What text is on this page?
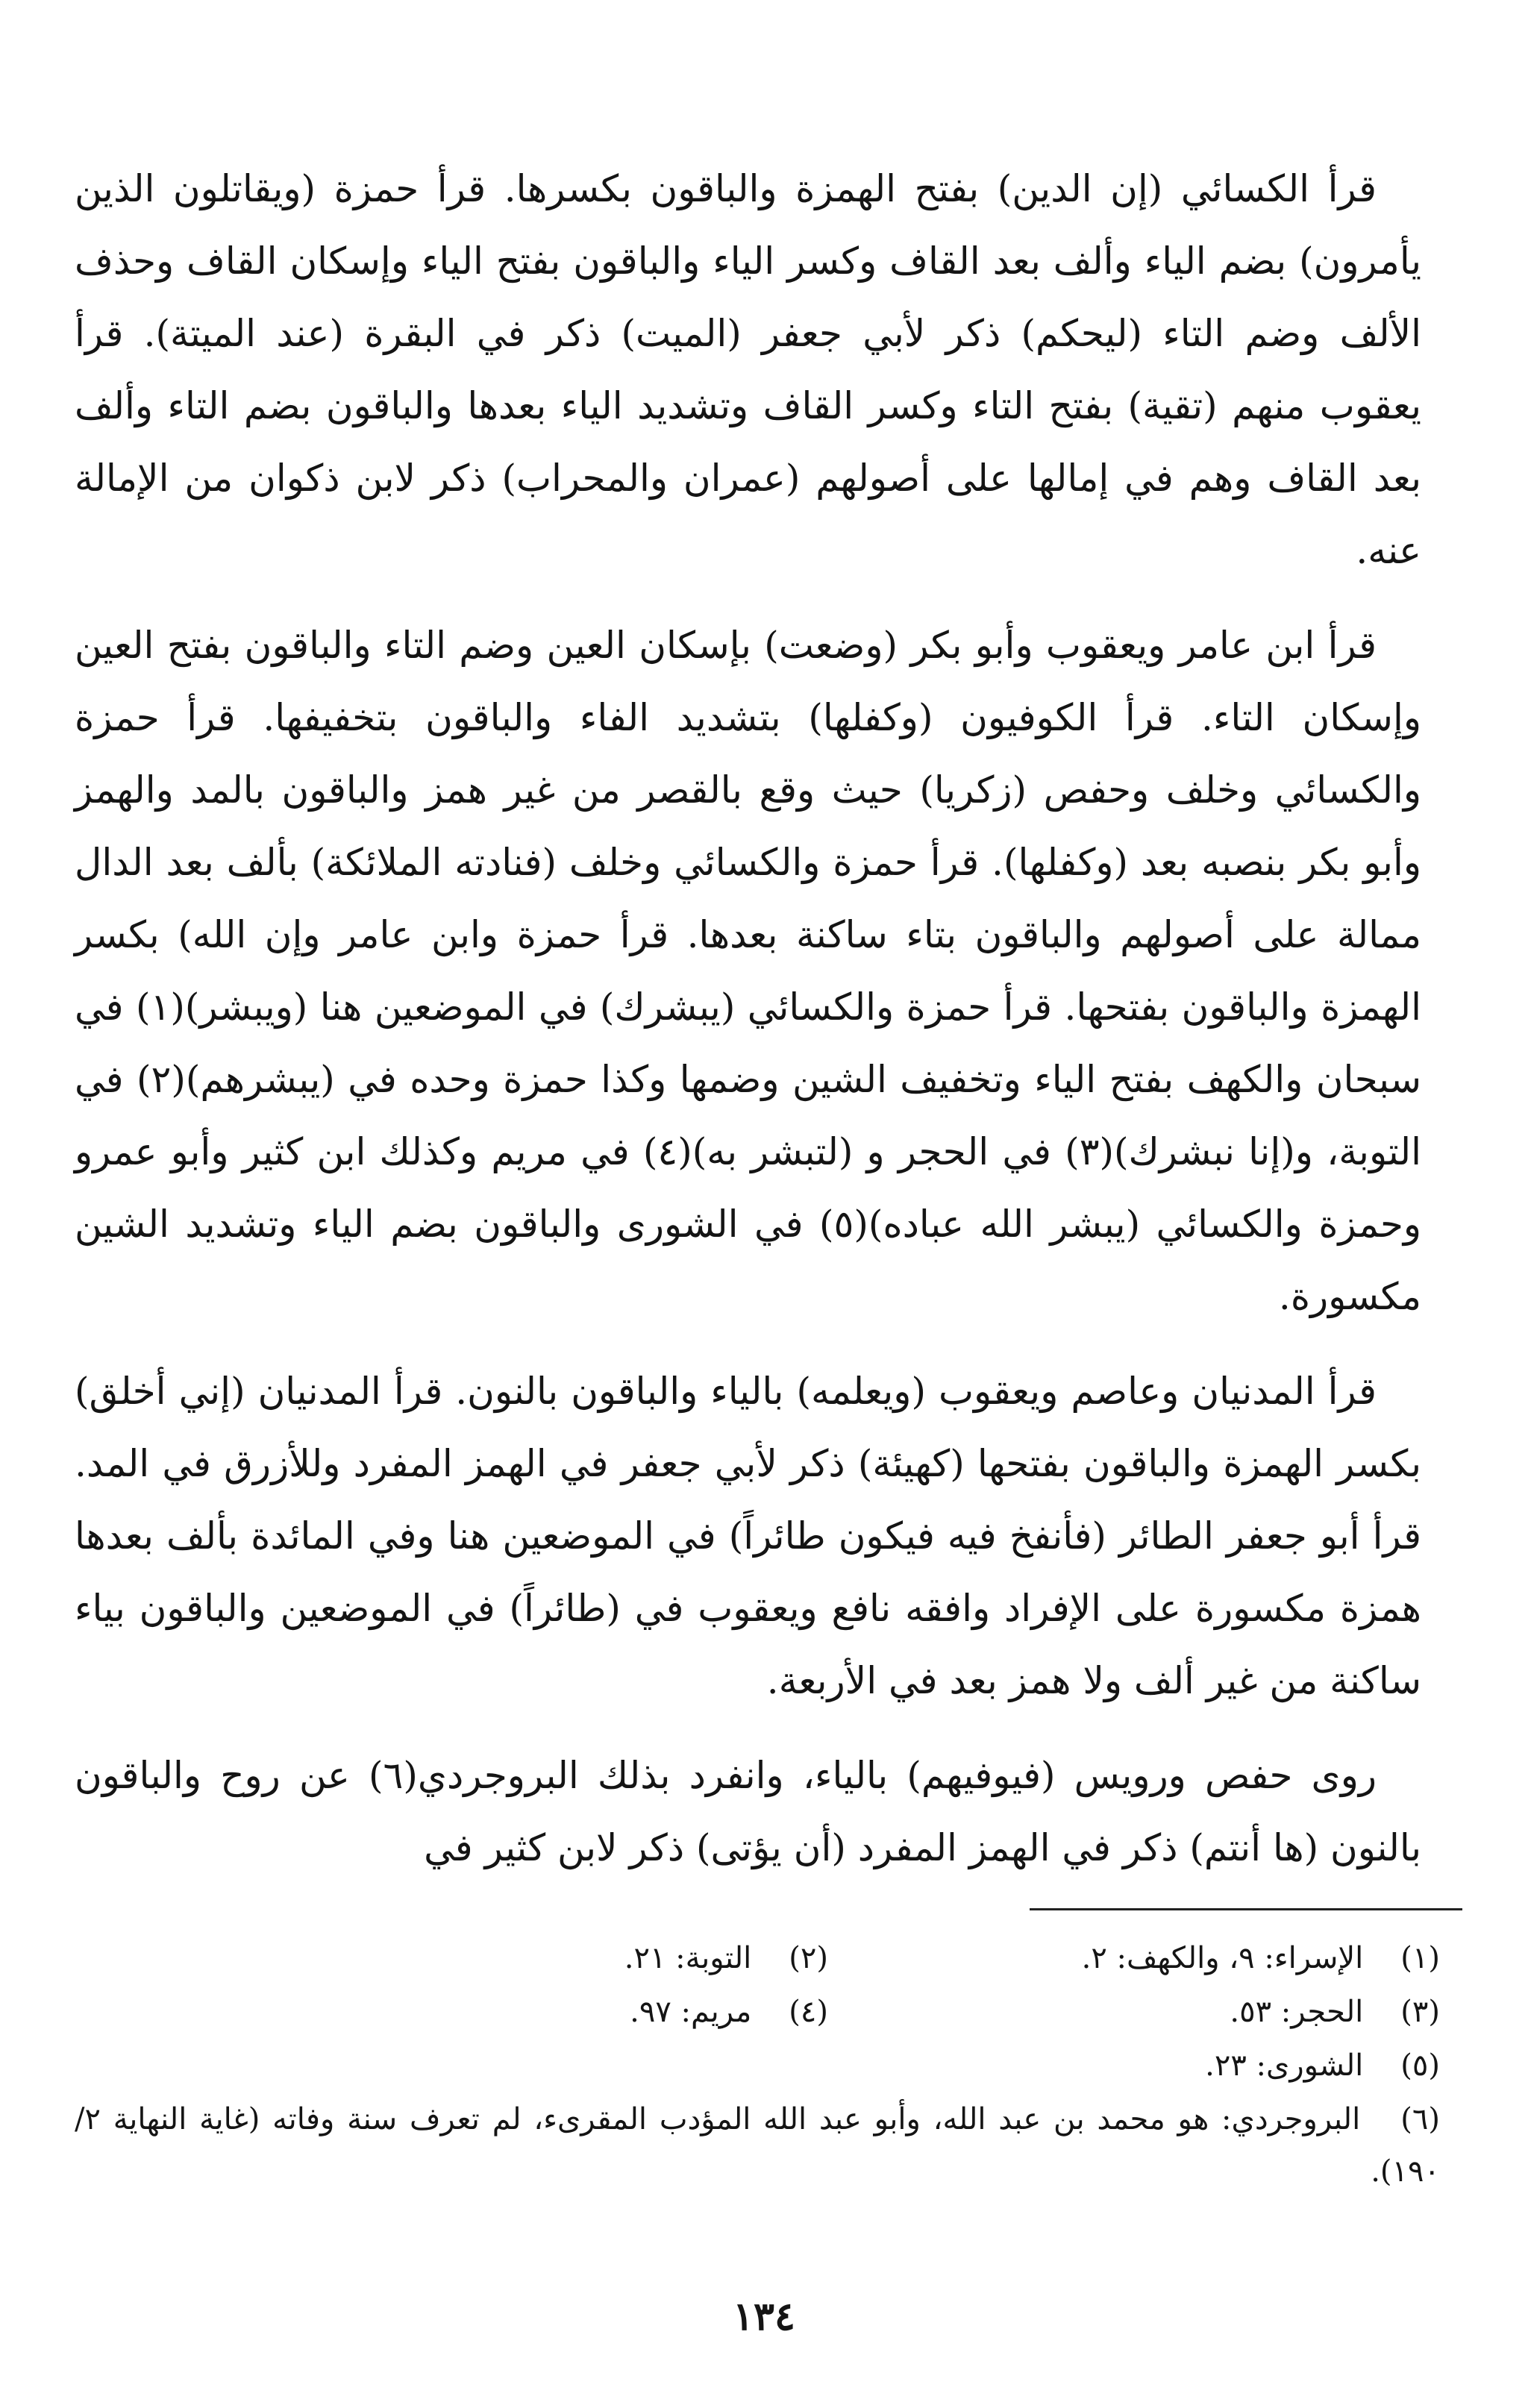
قرأ الكسائي (إن الدين) بفتح الهمزة والباقون بكسرها. قرأ حمزة (ويقاتلون الذين يأمرون) بضم الياء وألف بعد القاف وكسر الياء والباقون بفتح الياء وإسكان القاف وحذف الألف وضم التاء (ليحكم) ذكر لأبي جعفر (الميت) ذكر في البقرة (عند الميتة). قرأ يعقوب منهم (تقية) بفتح التاء وكسر القاف وتشديد الياء بعدها والباقون بضم التاء وألف بعد القاف وهم في إمالها على أصولهم (عمران والمحراب) ذكر لابن ذكوان من الإمالة عنه.

قرأ ابن عامر ويعقوب وأبو بكر (وضعت) بإسكان العين وضم التاء والباقون بفتح العين وإسكان التاء. قرأ الكوفيون (وكفلها) بتشديد الفاء والباقون بتخفيفها. قرأ حمزة والكسائي وخلف وحفص (زكريا) حيث وقع بالقصر من غير همز والباقون بالمد والهمز وأبو بكر بنصبه بعد (وكفلها). قرأ حمزة والكسائي وخلف (فنادته الملائكة) بألف بعد الدال ممالة على أصولهم والباقون بتاء ساكنة بعدها. قرأ حمزة وابن عامر وإن الله) بكسر الهمزة والباقون بفتحها. قرأ حمزة والكسائي (يبشرك) في الموضعين هنا (ويبشر)(١) في سبحان والكهف بفتح الياء وتخفيف الشين وضمها وكذا حمزة وحده في (يبشرهم)(٢) في التوبة، و(إنا نبشرك)(٣) في الحجر و (لتبشر به)(٤) في مريم وكذلك ابن كثير وأبو عمرو وحمزة والكسائي (يبشر الله عباده)(٥) في الشورى والباقون بضم الياء وتشديد الشين مكسورة.

قرأ المدنيان وعاصم ويعقوب (ويعلمه) بالياء والباقون بالنون. قرأ المدنيان (إني أخلق) بكسر الهمزة والباقون بفتحها (كهيئة) ذكر لأبي جعفر في الهمز المفرد وللأزرق في المد. قرأ أبو جعفر الطائر (فأنفخ فيه فيكون طائراً) في الموضعين هنا وفي المائدة بألف بعدها همزة مكسورة على الإفراد وافقه نافع ويعقوب في (طائراً) في الموضعين والباقون بياء ساكنة من غير ألف ولا همز بعد في الأربعة.

روى حفص ورويس (فيوفيهم) بالياء، وانفرد بذلك البروجردي(٦) عن روح والباقون بالنون (ها أنتم) ذكر في الهمز المفرد (أن يؤتى) ذكر لابن كثير في

(١) الإسراء: ٩، والكهف: ٢.
(٢) التوبة: ٢١.
(٣) الحجر: ٥٣.
(٤) مريم: ٩٧.
(٥) الشورى: ٢٣.
(٦) البروجردي: هو محمد بن عبد الله، وأبو عبد الله المؤدب المقرىء، لم تعرف سنة وفاته (غاية النهاية ٢/ ١٩٠).
١٣٤
